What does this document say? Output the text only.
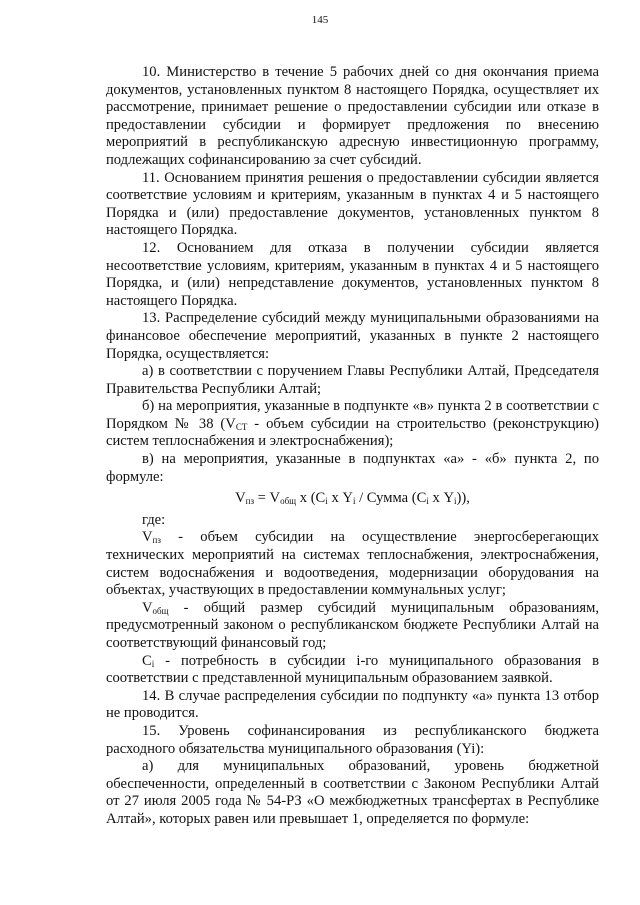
145

10. Министерство в течение 5 рабочих дней со дня окончания приема документов, установленных пунктом 8 настоящего Порядка, осуществляет их рассмотрение, принимает решение о предоставлении субсидии или отказе в предоставлении субсидии и формирует предложения по внесению мероприятий в республиканскую адресную инвестиционную программу, подлежащих софинансированию за счет субсидий.

11. Основанием принятия решения о предоставлении субсидии является соответствие условиям и критериям, указанным в пунктах 4 и 5 настоящего Порядка и (или) предоставление документов, установленных пунктом 8 настоящего Порядка.

12. Основанием для отказа в получении субсидии является несоответствие условиям, критериям, указанным в пунктах 4 и 5 настоящего Порядка, и (или) непредставление документов, установленных пунктом 8 настоящего Порядка.

13. Распределение субсидий между муниципальными образованиями на финансовое обеспечение мероприятий, указанных в пункте 2 настоящего Порядка, осуществляется:

а) в соответствии с поручением Главы Республики Алтай, Председателя Правительства Республики Алтай;

б) на мероприятия, указанные в подпункте «в» пункта 2 в соответствии с Порядком № 38 ($V_{СТ}$ - объем субсидии на строительство (реконструкцию) систем теплоснабжения и электроснабжения);

в) на мероприятия, указанные в подпунктах «а» - «б» пункта 2, по формуле:

$V_{пз} = V_{общ}$ х ($C_i$ х $Y_i$ / Сумма ($C_i$ х $Y_i$)),

где:

$V_{пз}$ - объем субсидии на осуществление энергосберегающих технических мероприятий на системах теплоснабжения, электроснабжения, систем водоснабжения и водоотведения, модернизации оборудования на объектах, участвующих в предоставлении коммунальных услуг;

$V_{общ}$ - общий размер субсидий муниципальным образованиям, предусмотренный законом о республиканском бюджете Республики Алтай на соответствующий финансовый год;

$C_i$ - потребность в субсидии i-го муниципального образования в соответствии с представленной муниципальным образованием заявкой.

14. В случае распределения субсидии по подпункту «а» пункта 13 отбор не проводится.

15. Уровень софинансирования из республиканского бюджета расходного обязательства муниципального образования (Yi):

а) для муниципальных образований, уровень бюджетной обеспеченности, определенный в соответствии с Законом Республики Алтай от 27 июля 2005 года № 54-РЗ «О межбюджетных трансфертах в Республике Алтай», которых равен или превышает 1, определяется по формуле:
